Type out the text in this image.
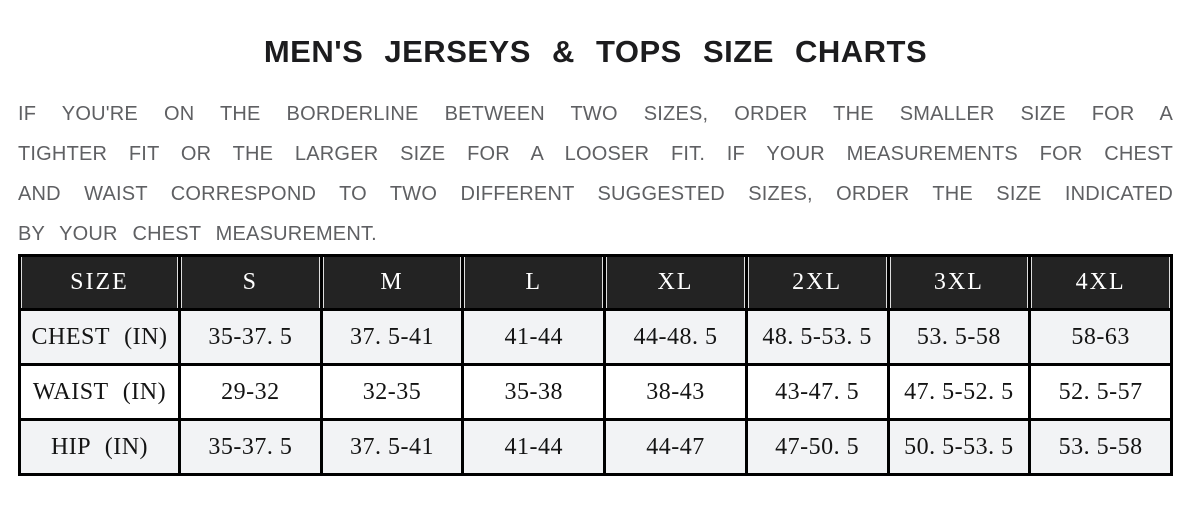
MEN'S JERSEYS & TOPS SIZE CHARTS
IF YOU'RE ON THE BORDERLINE BETWEEN TWO SIZES, ORDER THE SMALLER SIZE FOR A
TIGHTER FIT OR THE LARGER SIZE FOR A LOOSER FIT. IF YOUR MEASUREMENTS FOR CHEST
AND WAIST CORRESPOND TO TWO DIFFERENT SUGGESTED SIZES, ORDER THE SIZE INDICATED
BY YOUR CHEST MEASUREMENT.
SIZE	S	M	L	XL	2XL	3XL	4XL
CHEST (IN)	35-37. 5	37. 5-41	41-44	44-48. 5	48. 5-53. 5	53. 5-58	58-63
WAIST (IN)	29-32	32-35	35-38	38-43	43-47. 5	47. 5-52. 5	52. 5-57
HIP (IN)	35-37. 5	37. 5-41	41-44	44-47	47-50. 5	50. 5-53. 5	53. 5-58
